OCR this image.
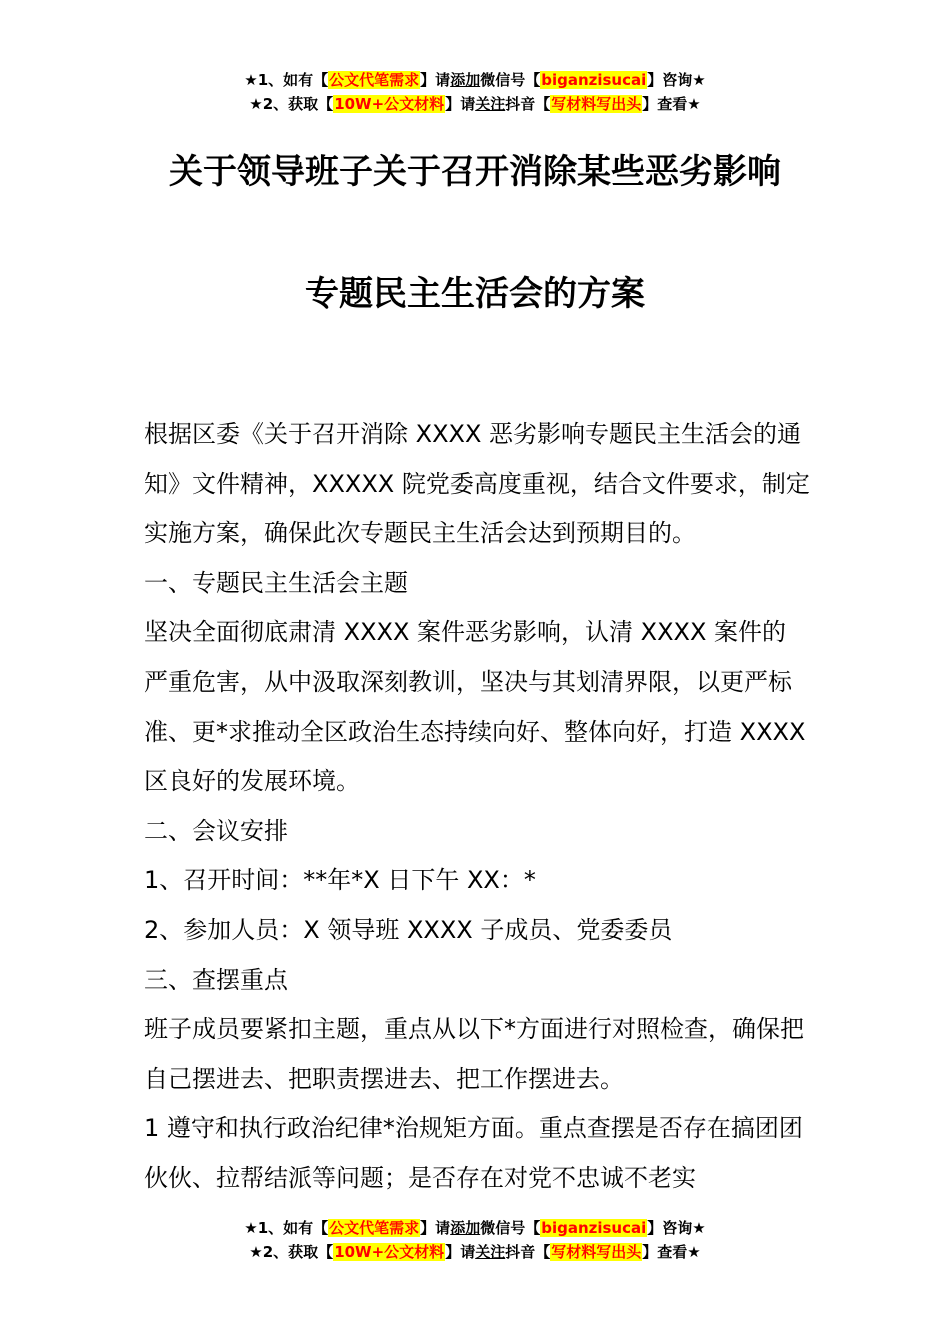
★1、如有【公文代笔需求】请添加微信号【biganzisucai】咨询★
★2、获取【10W+公文材料】请关注抖音【写材料写出头】查看★
关于领导班子关于召开消除某些恶劣影响
专题民主生活会的方案

根据区委《关于召开消除 XXXX 恶劣影响专题民主生活会的通知》文件精神，XXXXX 院党委高度重视，结合文件要求，制定实施方案，确保此次专题民主生活会达到预期目的。

一、专题民主生活会主题

坚决全面彻底肃清 XXXX 案件恶劣影响，认清 XXXX 案件的严重危害，从中汲取深刻教训，坚决与其划清界限，以更严标准、更*求推动全区政治生态持续向好、整体向好，打造 XXXX 区良好的发展环境。

二、会议安排

1、召开时间：**年*X 日下午 XX：*

2、参加人员：X 领导班 XXXX 子成员、党委委员

三、查摆重点

班子成员要紧扣主题，重点从以下*方面进行对照检查，确保把自己摆进去、把职责摆进去、把工作摆进去。

1 遵守和执行政治纪律*治规矩方面。重点查摆是否存在搞团团伙伙、拉帮结派等问题；是否存在对党不忠诚不老实

★1、如有【公文代笔需求】请添加微信号【biganzisucai】咨询★
★2、获取【10W+公文材料】请关注抖音【写材料写出头】查看★
